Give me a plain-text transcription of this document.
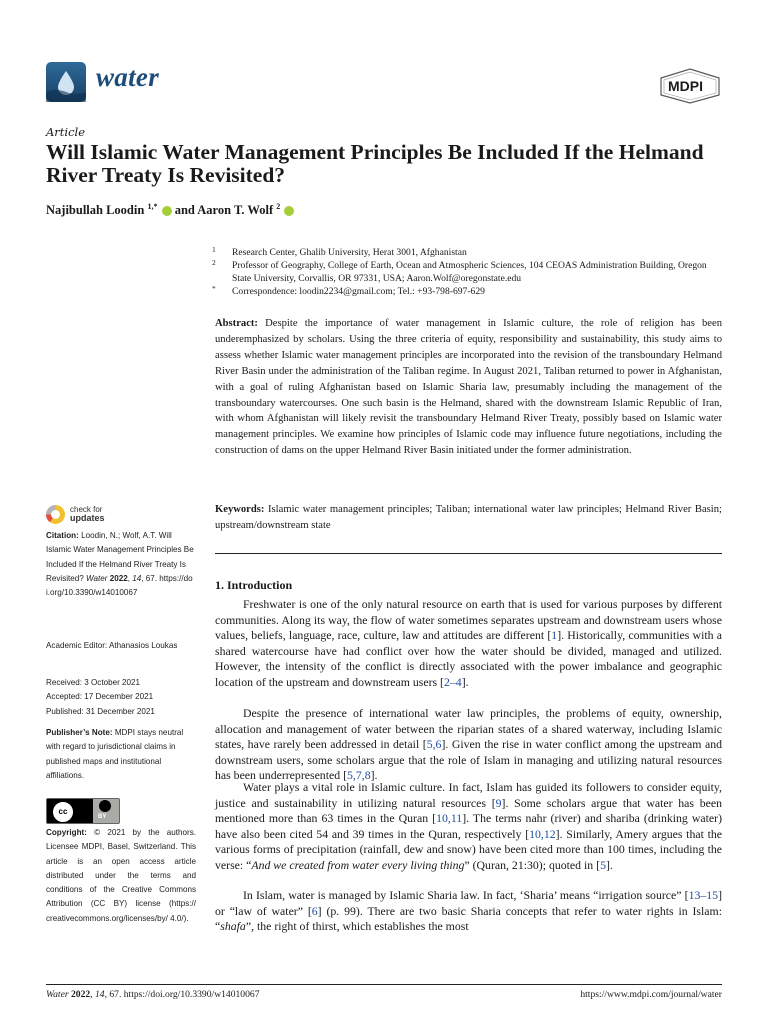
water	MDPI
Article
Will Islamic Water Management Principles Be Included If the Helmand River Treaty Is Revisited?
Najibullah Loodin $^{1,*}$ and Aaron T. Wolf $^2$
1	Research Center, Ghalib University, Herat 3001, Afghanistan
2	Professor of Geography, College of Earth, Ocean and Atmospheric Sciences, 104 CEOAS Administration Building, Oregon State University, Corvallis, OR 97331, USA; Aaron.Wolf@oregonstate.edu
*	Correspondence: loodin2234@gmail.com; Tel.: +93-798-697-629
Abstract: Despite the importance of water management in Islamic culture, the role of religion has been underemphasized by scholars. Using the three criteria of equity, responsibility and sustainability, this study aims to assess whether Islamic water management principles are incorporated into the revision of the transboundary Helmand River Basin under the administration of the Taliban regime. In August 2021, Taliban returned to power in Afghanistan, with a goal of ruling Afghanistan based on Islamic Sharia law, presumably including the management of the transboundary watercourses. One such basin is the Helmand, shared with the downstream Islamic Republic of Iran, with whom Afghanistan will likely revisit the transboundary Helmand River Treaty, possibly based on Islamic water management principles. We examine how principles of Islamic code may influence future negotiations, including the construction of dams on the upper Helmand River Basin initiated under the former administration.
Keywords: Islamic water management principles; Taliban; international water law principles; Helmand River Basin; upstream/downstream state
check for
updates
Citation: Loodin, N.; Wolf, A.T. Will Islamic Water Management Principles Be Included If the Helmand River Treaty Is Revisited? Water 2022, 14, 67. https://doi.org/10.3390/w14010067
Academic Editor: Athanasios Loukas
Received: 3 October 2021
Accepted: 17 December 2021
Published: 31 December 2021
Publisher’s Note: MDPI stays neutral with regard to jurisdictional claims in published maps and institutional affiliations.
cc
BY
Copyright: © 2021 by the authors. Licensee MDPI, Basel, Switzerland. This article is an open access article distributed under the terms and conditions of the Creative Commons Attribution (CC BY) license (https:// creativecommons.org/licenses/by/ 4.0/).
1. Introduction

Freshwater is one of the only natural resource on earth that is used for various purposes by different communities. Along its way, the flow of water sometimes separates upstream and downstream users whose values, beliefs, language, race, culture, law and attitudes are different [1]. Historically, communities with a shared watercourse have had conflict over how the water should be divided, managed and utilized. However, the intensity of the conflict is directly associated with the power imbalance and geographic location of the upstream and downstream users [2–4].

Despite the presence of international water law principles, the problems of equity, ownership, allocation and management of water between the riparian states of a shared waterway, including Islamic states, have rarely been addressed in detail [5,6]. Given the rise in water conflict among the upstream and downstream users, some scholars argue that the role of Islam in managing and utilizing natural resources has been underrepresented [5,7,8].

Water plays a vital role in Islamic culture. In fact, Islam has guided its followers to consider equity, justice and sustainability in utilizing natural resources [9]. Some scholars argue that water has been mentioned more than 63 times in the Quran [10,11]. The terms nahr (river) and shariba (drinking water) have also been cited 54 and 39 times in the Quran, respectively [10,12]. Similarly, Amery argues that the various forms of precipitation (rainfall, dew and snow) have been cited more than 100 times, including the verse: “And we created from water every living thing” (Quran, 21:30); quoted in [5].

In Islam, water is managed by Islamic Sharia law. In fact, ‘Sharia’ means “irrigation source” [13–15] or “law of water” [6] (p. 99). There are two basic Sharia concepts that refer to water rights in Islam: “shafa”, the right of thirst, which establishes the most

Water 2022, 14, 67. https://doi.org/10.3390/w14010067	https://www.mdpi.com/journal/water
